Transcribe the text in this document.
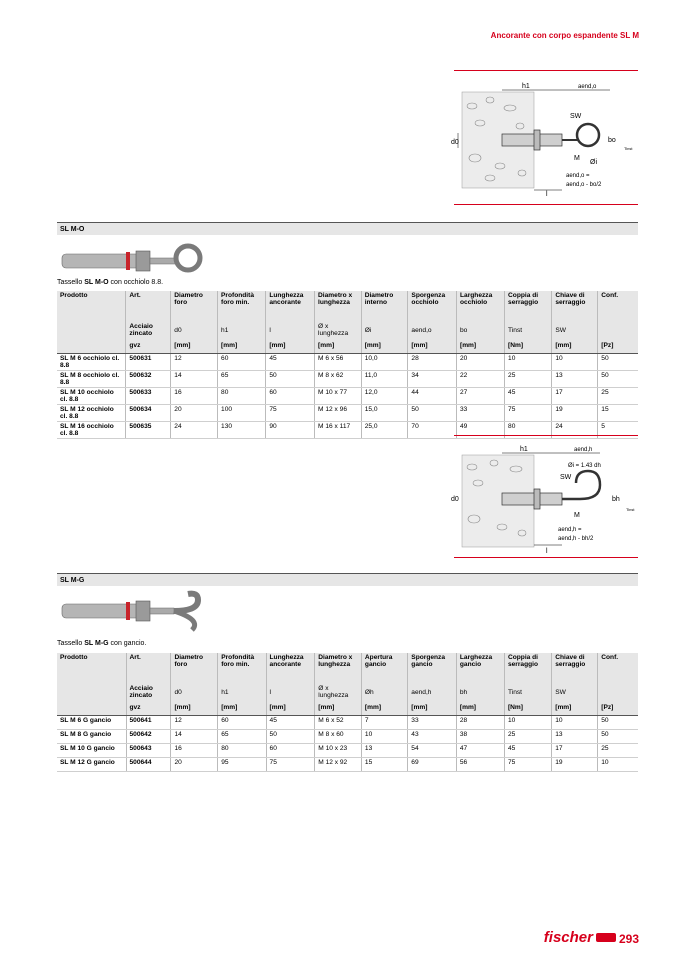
Ancorante con corpo espandente SL M
h1	aend,o
SW
d0	bo
Tinst
M
Øi
aend,o =
aend,o - bo/2
l
SL M-O
Tassello SL M-O con occhiolo 8.8.
Prodotto	Art.	Diametro foro	Profondità foro min.	Lunghezza ancorante	Diametro x lunghezza	Diametro interno	Sporgenza occhiolo	Larghezza occhiolo	Coppia di serraggio	Chiave di serraggio	Conf.
	Acciaio zincato	d0	h1	l	Ø x lunghezza	Øi	aend,o	bo	Tinst	SW	
	gvz	[mm]	[mm]	[mm]	[mm]	[mm]	[mm]	[mm]	[Nm]	[mm]	[Pz]
SL M 6 occhiolo cl. 8.8	500631	12	60	45	M 6 x 56	10,0	28	20	10	10	50
SL M 8 occhiolo cl. 8.8	500632	14	65	50	M 8 x 62	11,0	34	22	25	13	50
SL M 10 occhiolo cl. 8.8	500633	16	80	60	M 10 x 77	12,0	44	27	45	17	25
SL M 12 occhiolo cl. 8.8	500634	20	100	75	M 12 x 96	15,0	50	33	75	19	15
SL M 16 occhiolo cl. 8.8	500635	24	130	90	M 16 x 117	25,0	70	49	80	24	5
h1	aend,h
Øi = 1.43 dh
SW
d0	bh
Tinst
M
aend,h =
aend,h - bh/2
l
SL M-G
Tassello SL M-G con gancio.
Prodotto	Art.	Diametro foro	Profondità foro min.	Lunghezza ancorante	Diametro x lunghezza	Apertura gancio	Sporgenza gancio	Larghezza gancio	Coppia di serraggio	Chiave di serraggio	Conf.
	Acciaio zincato	d0	h1	l	Ø x lunghezza	Øh	aend,h	bh	Tinst	SW	
	gvz	[mm]	[mm]	[mm]	[mm]	[mm]	[mm]	[mm]	[Nm]	[mm]	[Pz]
SL M 6 G gancio	500641	12	60	45	M 6 x 52	7	33	28	10	10	50
SL M 8 G gancio	500642	14	65	50	M 8 x 60	10	43	38	25	13	50
SL M 10 G gancio	500643	16	80	60	M 10 x 23	13	54	47	45	17	25
SL M 12 G gancio	500644	20	95	75	M 12 x 92	15	69	56	75	19	10
fischer 293
